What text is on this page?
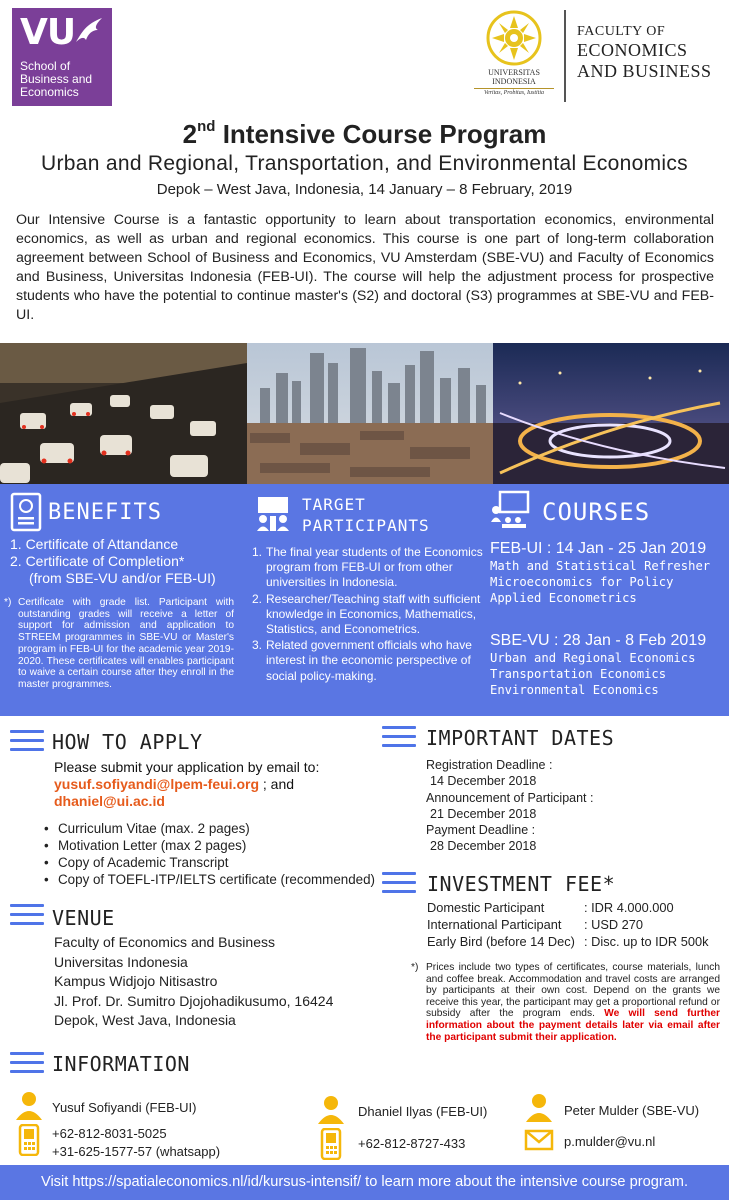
VU
School of
Business and
Economics
UNIVERSITAS
INDONESIA
Veritas, Probitas, Iustitia
FACULTY OF
ECONOMICS
AND BUSINESS
2nd Intensive Course Program
Urban and Regional, Transportation, and Environmental Economics
Depok – West Java, Indonesia, 14 January – 8 February, 2019
Our Intensive Course is a fantastic opportunity to learn about transportation economics, environmental economics, as well as urban and regional economics. This course is one part of long-term collaboration agreement between School of Business and Economics, VU Amsterdam (SBE-VU) and Faculty of Economics and Business, Universitas Indonesia (FEB-UI). The course will help the adjustment process for prospective students who have the potential to continue master's (S2) and doctoral (S3) programmes at SBE-VU and FEB-UI.
BENEFITS
1. Certificate of Attandance
2. Certificate of Completion*
(from SBE-VU and/or FEB-UI)
*) Certificate with grade list. Participant with outstanding grades will receive a letter of support for admission and application to STREEM programmes in SBE-VU or Master's program in FEB-UI for the academic year 2019-2020. These certificates will enables participant to waive a certain course after they enroll in the master programmes.
TARGET
PARTICIPANTS
1. The final year students of the Economics program from FEB-UI or from other universities in Indonesia.
2. Researcher/Teaching staff with sufficient knowledge in Economics, Mathematics, Statistics, and Econometrics.
3. Related government officials who have interest in the economic perspective of social policy-making.
COURSES
FEB-UI : 14 Jan - 25 Jan 2019
Math and Statistical Refresher
Microeconomics for Policy
Applied Econometrics
SBE-VU : 28 Jan - 8 Feb 2019
Urban and Regional Economics
Transportation Economics
Environmental Economics
HOW TO APPLY
Please submit your application by email to:
yusuf.sofiyandi@lpem-feui.org ; and
dhaniel@ui.ac.id
• Curriculum Vitae (max. 2 pages)
• Motivation Letter (max 2 pages)
• Copy of Academic Transcript
• Copy of TOEFL-ITP/IELTS certificate (recommended)
VENUE
Faculty of Economics and Business
Universitas Indonesia
Kampus Widjojo Nitisastro
Jl. Prof. Dr. Sumitro Djojohadikusumo, 16424
Depok, West Java, Indonesia
IMPORTANT DATES
Registration Deadline :
14 December 2018
Announcement of Participant :
21 December 2018
Payment Deadline :
28 December 2018
INVESTMENT FEE*
Domestic Participant	: IDR 4.000.000
International Participant	: USD 270
Early Bird (before 14 Dec) : Disc. up to IDR 500k
*) Prices include two types of certificates, course materials, lunch and coffee break. Accommodation and travel costs are arranged by participants at their own cost. Depend on the grants we receive this year, the participant may get a proportional refund or subsidy after the program ends. We will send further information about the payment details later via email after the participant submit their application.
INFORMATION
Yusuf Sofiyandi (FEB-UI)
+62-812-8031-5025
+31-625-1577-57 (whatsapp)
Dhaniel Ilyas (FEB-UI)
+62-812-8727-433
Peter Mulder (SBE-VU)
p.mulder@vu.nl
Visit https://spatialeconomics.nl/id/kursus-intensif/ to learn more about the intensive course program.
